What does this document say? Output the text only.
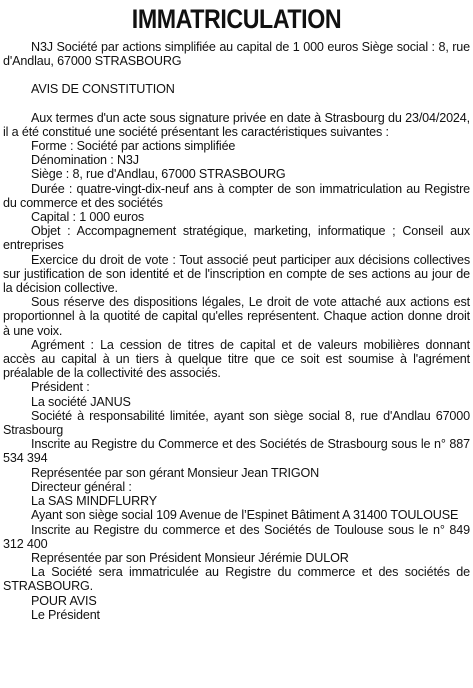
IMMATRICULATION

N3J Société par actions simplifiée au capital de 1 000 euros Siège social : 8, rue d'Andlau, 67000 STRASBOURG

AVIS DE CONSTITUTION

Aux termes d'un acte sous signature privée en date à Strasbourg du 23/04/2024, il a été constitué une société présentant les caractéristiques suivantes :

Forme : Société par actions simplifiée

Dénomination : N3J

Siège : 8, rue d'Andlau, 67000 STRASBOURG

Durée : quatre-vingt-dix-neuf ans à compter de son immatriculation au Registre du commerce et des sociétés

Capital : 1 000 euros

Objet : Accompagnement stratégique, marketing, informatique ; Conseil aux entreprises

Exercice du droit de vote : Tout associé peut participer aux décisions collectives sur justification de son identité et de l'inscription en compte de ses actions au jour de la décision collective.

Sous réserve des dispositions légales, Le droit de vote attaché aux actions est proportionnel à la quotité de capital qu'elles représentent. Chaque action donne droit à une voix.

Agrément : La cession de titres de capital et de valeurs mobilières donnant accès au capital à un tiers à quelque titre que ce soit est soumise à l'agrément préalable de la collectivité des associés.

Président :

La société JANUS

Société à responsabilité limitée, ayant son siège social 8, rue d'Andlau 67000 Strasbourg

Inscrite au Registre du Commerce et des Sociétés de Strasbourg sous le n° 887 534 394

Représentée par son gérant Monsieur Jean TRIGON

Directeur général :

La SAS MINDFLURRY

Ayant son siège social 109 Avenue de l’Espinet Bâtiment A 31400 TOULOUSE

Inscrite au Registre du commerce et des Sociétés de Toulouse sous le n° 849 312 400

Représentée par son Président Monsieur Jérémie DULOR

La Société sera immatriculée au Registre du commerce et des sociétés de STRASBOURG.

POUR AVIS

Le Président
